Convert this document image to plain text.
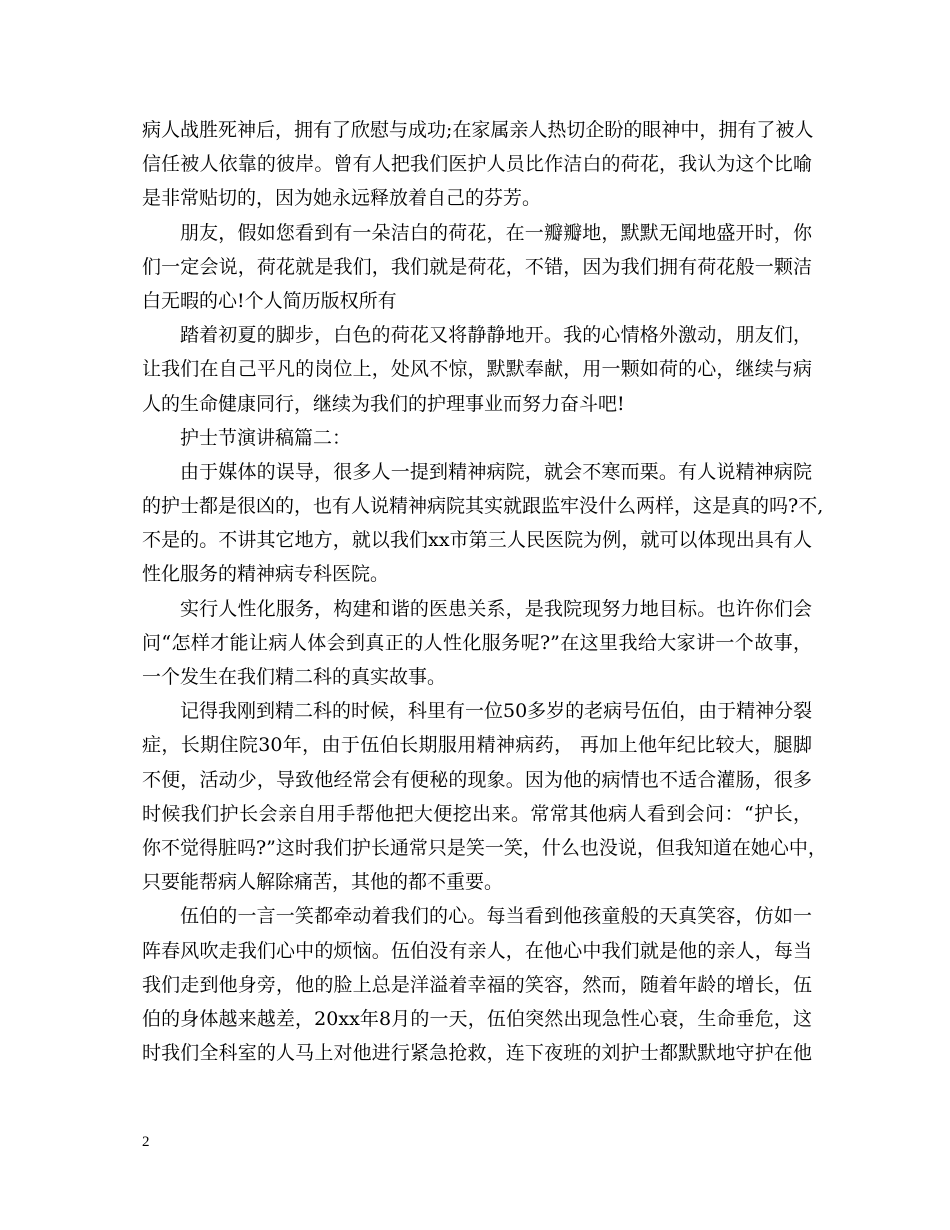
病人战胜死神后，拥有了欣慰与成功;在家属亲人热切企盼的眼神中，拥有了被人
信任被人依靠的彼岸。曾有人把我们医护人员比作洁白的荷花，我认为这个比喻
是非常贴切的，因为她永远释放着自己的芬芳。
朋友，假如您看到有一朵洁白的荷花，在一瓣瓣地，默默无闻地盛开时，你
们一定会说，荷花就是我们，我们就是荷花，不错，因为我们拥有荷花般一颗洁
白无暇的心!个人简历版权所有
踏着初夏的脚步，白色的荷花又将静静地开。我的心情格外激动，朋友们，
让我们在自己平凡的岗位上，处风不惊，默默奉献，用一颗如荷的心，继续与病
人的生命健康同行，继续为我们的护理事业而努力奋斗吧!
护士节演讲稿篇二：
由于媒体的误导，很多人一提到精神病院，就会不寒而栗。有人说精神病院
的护士都是很凶的，也有人说精神病院其实就跟监牢没什么两样，这是真的吗?不,
不是的。不讲其它地方，就以我们xx市第三人民医院为例，就可以体现出具有人
性化服务的精神病专科医院。
实行人性化服务，构建和谐的医患关系，是我院现努力地目标。也许你们会
问“怎样才能让病人体会到真正的人性化服务呢?”在这里我给大家讲一个故事，
一个发生在我们精二科的真实故事。
记得我刚到精二科的时候，科里有一位50多岁的老病号伍伯，由于精神分裂
症，长期住院30年，由于伍伯长期服用精神病药， 再加上他年纪比较大，腿脚
不便，活动少，导致他经常会有便秘的现象。因为他的病情也不适合灌肠，很多
时候我们护长会亲自用手帮他把大便挖出来。常常其他病人看到会问：“护长，
你不觉得脏吗?”这时我们护长通常只是笑一笑，什么也没说，但我知道在她心中，
只要能帮病人解除痛苦，其他的都不重要。
伍伯的一言一笑都牵动着我们的心。每当看到他孩童般的天真笑容，仿如一
阵春风吹走我们心中的烦恼。伍伯没有亲人，在他心中我们就是他的亲人，每当
我们走到他身旁，他的脸上总是洋溢着幸福的笑容，然而，随着年龄的增长，伍
伯的身体越来越差，20xx年8月的一天，伍伯突然出现急性心衰，生命垂危，这
时我们全科室的人马上对他进行紧急抢救，连下夜班的刘护士都默默地守护在他
2
